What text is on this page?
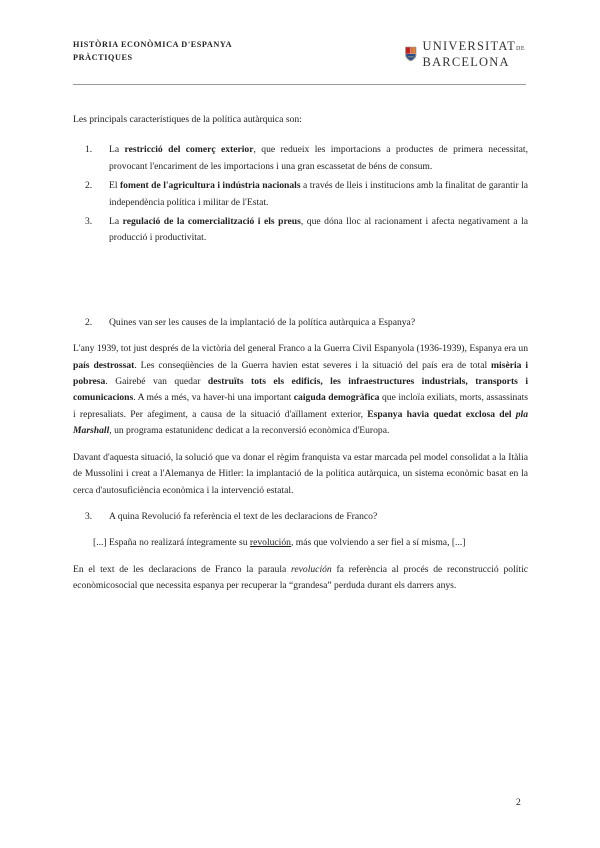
HISTÒRIA ECONÒMICA D'ESPANYA
PRÀCTIQUES
UNIVERSITATDE
BARCELONA

Les principals característiques de la política autàrquica son:

1.	La restricció del comerç exterior, que redueix les importacions a productes de primera necessitat, provocant l'encariment de les importacions i una gran escassetat de béns de consum.
2.	El foment de l'agricultura i indústria nacionals a través de lleis i institucions amb la finalitat de garantir la independència política i militar de l'Estat.
3.	La regulació de la comercialització i els preus, que dóna lloc al racionament i afecta negativament a la producció i productivitat.
2.	Quines van ser les causes de la implantació de la política autàrquica a Espanya?

L'any 1939, tot just després de la victòria del general Franco a la Guerra Civil Espanyola (1936-1939), Espanya era un país destrossat. Les conseqüències de la Guerra havien estat severes i la situació del país era de total misèria i pobresa. Gairebé van quedar destruïts tots els edificis, les infraestructures industrials, transports i comunicacions. A més a més, va haver-hi una important caiguda demogràfica que incloïa exiliats, morts, assassinats i represaliats. Per afegiment, a causa de la situació d'aïllament exterior, Espanya havia quedat exclosa del pla Marshall, un programa estatunidenc dedicat a la reconversió econòmica d'Europa.

Davant d'aquesta situació, la solució que va donar el règim franquista va estar marcada pel model consolidat a la Itàlia de Mussolini i creat a l'Alemanya de Hitler: la implantació de la política autàrquica, un sistema econòmic basat en la cerca d'autosuficiència econòmica i la intervenció estatal.

3.	A quina Revolució fa referència el text de les declaracions de Franco?

[...] España no realizará íntegramente su revolución, más que volviendo a ser fiel a sí misma, [...]

En el text de les declaracions de Franco la paraula revolución fa referència al procés de reconstrucció polític econòmicosocial que necessita espanya per recuperar la “grandesa” perduda durant els darrers anys.

2
